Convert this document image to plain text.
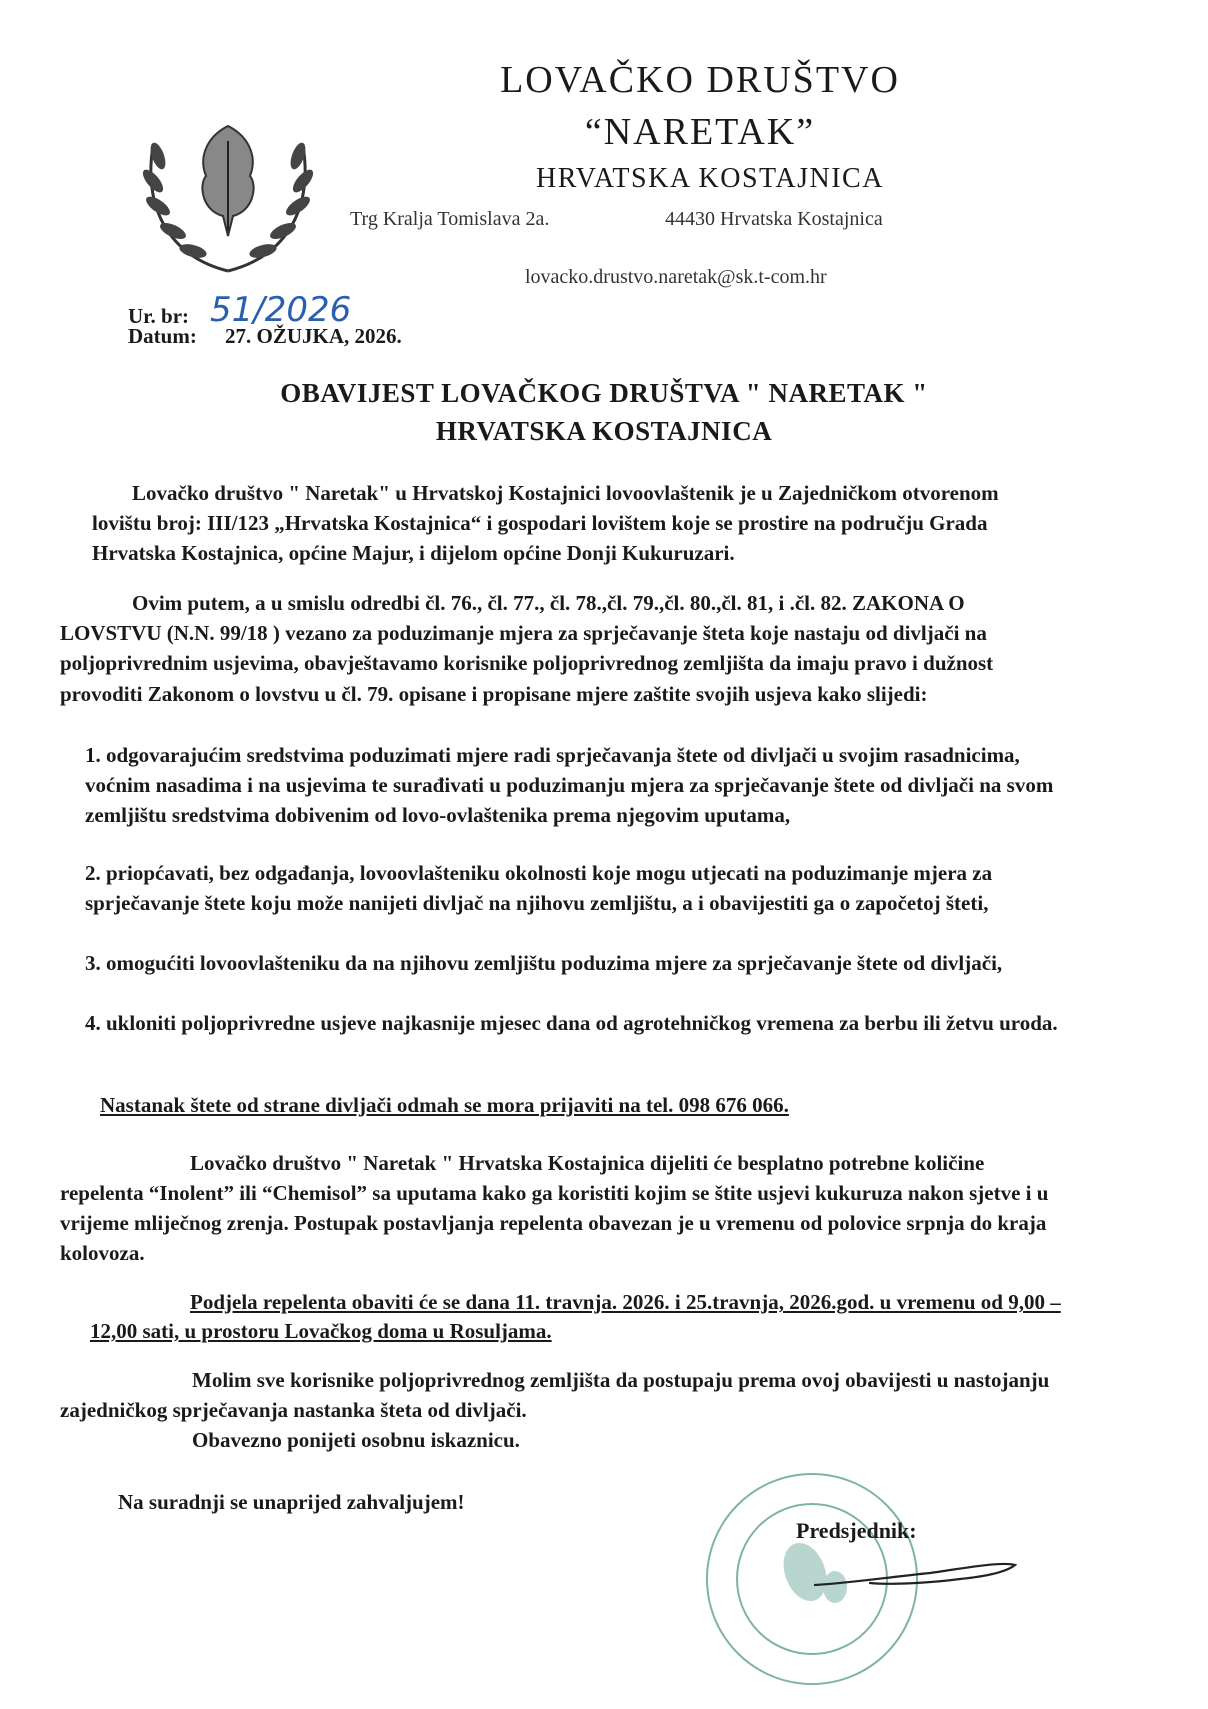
LOVAČKO DRUŠTVO
“NARETAK”
HRVATSKA KOSTAJNICA
Trg Kralja Tomislava 2a.	44430 Hrvatska Kostajnica
lovacko.drustvo.naretak@sk.t-com.hr
Ur. br: 51/2026
Datum: 27. OŽUJKA, 2026.
OBAVIJEST LOVAČKOG DRUŠTVA " NARETAK "
HRVATSKA KOSTAJNICA

Lovačko društvo " Naretak" u Hrvatskoj Kostajnici lovoovlaštenik je u Zajedničkom otvorenom lovištu broj: III/123 „Hrvatska Kostajnica“ i gospodari lovištem koje se prostire na području Grada Hrvatska Kostajnica, općine Majur, i dijelom općine Donji Kukuruzari.

Ovim putem, a u smislu odredbi čl. 76., čl. 77., čl. 78.,čl. 79.,čl. 80.,čl. 81, i .čl. 82. ZAKONA O LOVSTVU (N.N. 99/18 ) vezano za poduzimanje mjera za sprječavanje šteta koje nastaju od divljači na poljoprivrednim usjevima, obavještavamo korisnike poljoprivrednog zemljišta da imaju pravo i dužnost provoditi Zakonom o lovstvu u čl. 79. opisane i propisane mjere zaštite svojih usjeva kako slijedi:

1. odgovarajućim sredstvima poduzimati mjere radi sprječavanja štete od divljači u svojim rasadnicima, voćnim nasadima i na usjevima te surađivati u poduzimanju mjera za sprječavanje štete od divljači na svom zemljištu sredstvima dobivenim od lovo-ovlaštenika prema njegovim uputama,

2. priopćavati, bez odgađanja, lovoovlašteniku okolnosti koje mogu utjecati na poduzimanje mjera za sprječavanje štete koju može nanijeti divljač na njihovu zemljištu, a i obavijestiti ga o započetoj šteti,

3. omogućiti lovoovlašteniku da na njihovu zemljištu poduzima mjere za sprječavanje štete od divljači,

4. ukloniti poljoprivredne usjeve najkasnije mjesec dana od agrotehničkog vremena za berbu ili žetvu uroda.

Nastanak štete od strane divljači odmah se mora prijaviti na tel. 098 676 066.

Lovačko društvo " Naretak " Hrvatska Kostajnica dijeliti će besplatno potrebne količine repelenta “Inolent” ili “Chemisol” sa uputama kako ga koristiti kojim se štite usjevi kukuruza nakon sjetve i u vrijeme mliječnog zrenja. Postupak postavljanja repelenta obavezan je u vremenu od polovice srpnja do kraja kolovoza.

Podjela repelenta obaviti će se dana 11. travnja. 2026. i 25.travnja, 2026.god. u vremenu od 9,00 – 12,00 sati, u prostoru Lovačkog doma u Rosuljama.

Molim sve korisnike poljoprivrednog zemljišta da postupaju prema ovoj obavijesti u nastojanju zajedničkog sprječavanja nastanka šteta od divljači.

Obavezno ponijeti osobnu iskaznicu.

Na suradnji se unaprijed zahvaljujem!
Predsjednik:
